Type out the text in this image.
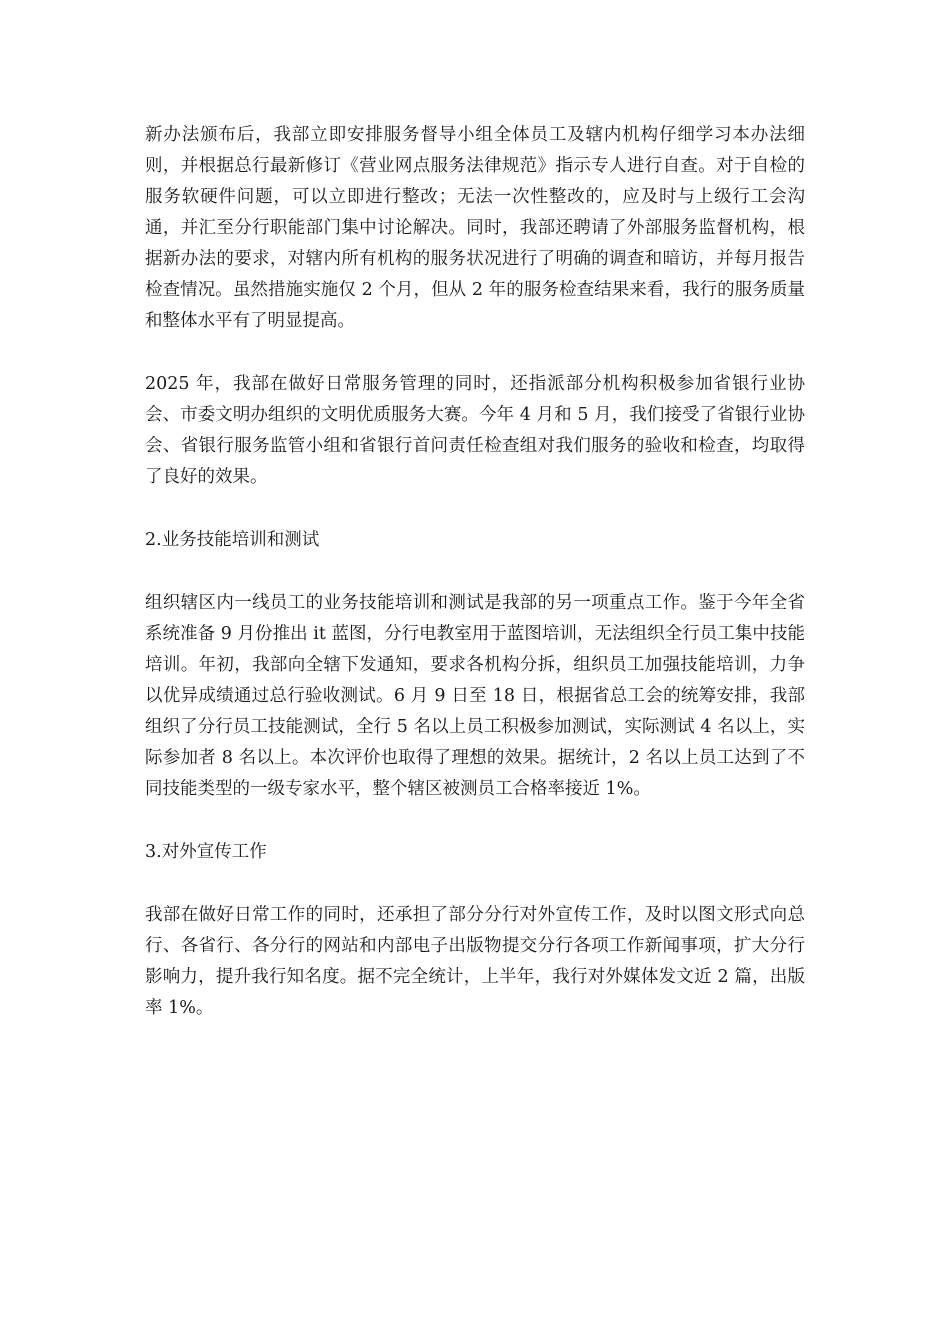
新办法颁布后，我部立即安排服务督导小组全体员工及辖内机构仔细学习本办法细则，并根据总行最新修订《营业网点服务法律规范》指示专人进行自查。对于自检的服务软硬件问题，可以立即进行整改；无法一次性整改的，应及时与上级行工会沟通，并汇至分行职能部门集中讨论解决。同时，我部还聘请了外部服务监督机构，根据新办法的要求，对辖内所有机构的服务状况进行了明确的调查和暗访，并每月报告检查情况。虽然措施实施仅 2 个月，但从 2 年的服务检查结果来看，我行的服务质量和整体水平有了明显提高。

2025 年，我部在做好日常服务管理的同时，还指派部分机构积极参加省银行业协会、市委文明办组织的文明优质服务大赛。今年 4 月和 5 月，我们接受了省银行业协会、省银行服务监管小组和省银行首问责任检查组对我们服务的验收和检查，均取得了良好的效果。

2.业务技能培训和测试

组织辖区内一线员工的业务技能培训和测试是我部的另一项重点工作。鉴于今年全省系统准备 9 月份推出 it 蓝图，分行电教室用于蓝图培训，无法组织全行员工集中技能培训。年初，我部向全辖下发通知，要求各机构分拆，组织员工加强技能培训，力争以优异成绩通过总行验收测试。6 月 9 日至 18 日，根据省总工会的统筹安排，我部组织了分行员工技能测试，全行 5 名以上员工积极参加测试，实际测试 4 名以上，实际参加者 8 名以上。本次评价也取得了理想的效果。据统计，2 名以上员工达到了不同技能类型的一级专家水平，整个辖区被测员工合格率接近 1%。

3.对外宣传工作

我部在做好日常工作的同时，还承担了部分分行对外宣传工作，及时以图文形式向总行、各省行、各分行的网站和内部电子出版物提交分行各项工作新闻事项，扩大分行影响力，提升我行知名度。据不完全统计，上半年，我行对外媒体发文近 2 篇，出版率 1%。
